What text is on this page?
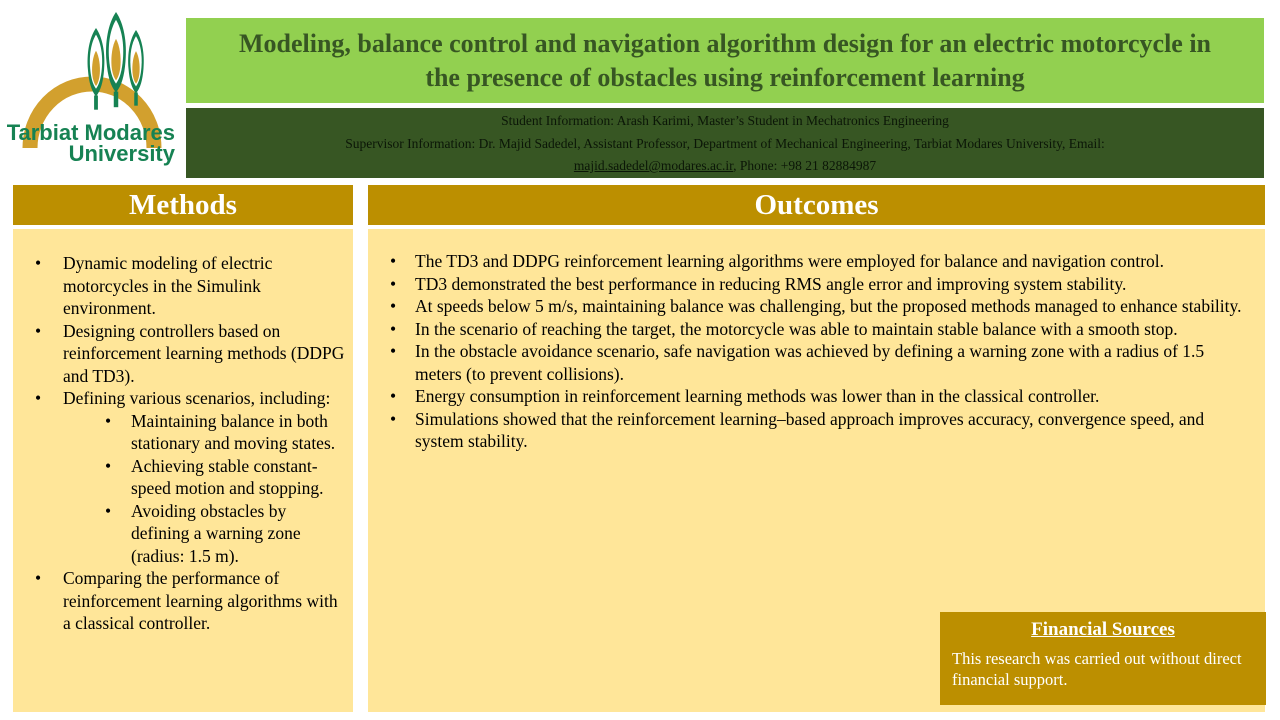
Tarbiat Modares
University
Modeling, balance control and navigation algorithm design for an electric motorcycle in the presence of obstacles using reinforcement learning
Student Information: Arash Karimi, Master’s Student in Mechatronics Engineering
Supervisor Information: Dr. Majid Sadedel, Assistant Professor, Department of Mechanical Engineering, Tarbiat Modares University, Email:
majid.sadedel@modares.ac.ir, Phone: +98 21 82884987
Methods
•	Dynamic modeling of electric motorcycles in the Simulink environment.
•	Designing controllers based on reinforcement learning methods (DDPG and TD3).
•	Defining various scenarios, including:
•	Maintaining balance in both stationary and moving states.
•	Achieving stable constant-speed motion and stopping.
•	Avoiding obstacles by defining a warning zone (radius: 1.5 m).
•	Comparing the performance of reinforcement learning algorithms with a classical controller.
Outcomes
•	The TD3 and DDPG reinforcement learning algorithms were employed for balance and navigation control.
•	TD3 demonstrated the best performance in reducing RMS angle error and improving system stability.
•	At speeds below 5 m/s, maintaining balance was challenging, but the proposed methods managed to enhance stability.
•	In the scenario of reaching the target, the motorcycle was able to maintain stable balance with a smooth stop.
•	In the obstacle avoidance scenario, safe navigation was achieved by defining a warning zone with a radius of 1.5 meters (to prevent collisions).
•	Energy consumption in reinforcement learning methods was lower than in the classical controller.
•	Simulations showed that the reinforcement learning–based approach improves accuracy, convergence speed, and system stability.
Financial Sources
This research was carried out without direct financial support.
